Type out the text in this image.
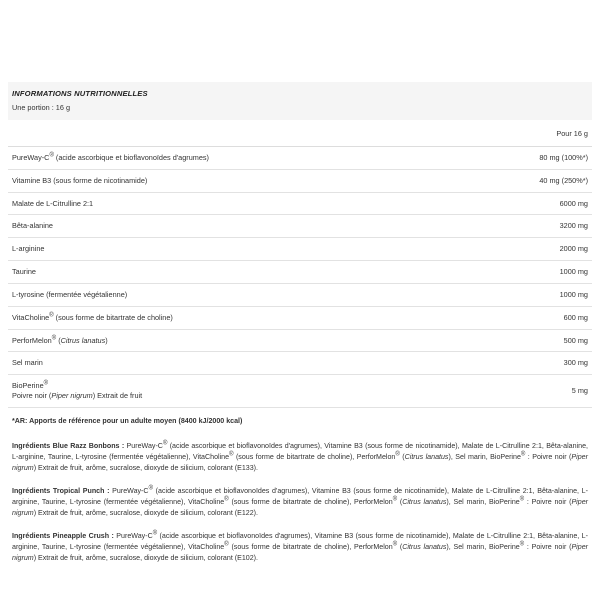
INFORMATIONS NUTRITIONNELLES
Une portion : 16 g
	Pour 16 g
PureWay-C® (acide ascorbique et bioflavonoïdes d'agrumes)	80 mg (100%*)
Vitamine B3 (sous forme de nicotinamide)	40 mg (250%*)
Malate de L-Citrulline 2:1	6000 mg
Bêta-alanine	3200 mg
L-arginine	2000 mg
Taurine	1000 mg
L-tyrosine (fermentée végétalienne)	1000 mg
VitaCholine® (sous forme de bitartrate de choline)	600 mg
PerforMelon® (Citrus lanatus)	500 mg
Sel marin	300 mg
BioPerine®
Poivre noir (Piper nigrum) Extrait de fruit	5 mg
*AR: Apports de référence pour un adulte moyen (8400 kJ/2000 kcal)

Ingrédients Blue Razz Bonbons : PureWay-C® (acide ascorbique et bioflavonoïdes d'agrumes), Vitamine B3 (sous forme de nicotinamide), Malate de L-Citrulline 2:1, Bêta-alanine, L-arginine, Taurine, L-tyrosine (fermentée végétalienne), VitaCholine® (sous forme de bitartrate de choline), PerforMelon® (Citrus lanatus), Sel marin, BioPerine® : Poivre noir (Piper nigrum) Extrait de fruit, arôme, sucralose, dioxyde de silicium, colorant (E133).

Ingrédients Tropical Punch : PureWay-C® (acide ascorbique et bioflavonoïdes d'agrumes), Vitamine B3 (sous forme de nicotinamide), Malate de L-Citrulline 2:1, Bêta-alanine, L-arginine, Taurine, L-tyrosine (fermentée végétalienne), VitaCholine® (sous forme de bitartrate de choline), PerforMelon® (Citrus lanatus), Sel marin, BioPerine® : Poivre noir (Piper nigrum) Extrait de fruit, arôme, sucralose, dioxyde de silicium, colorant (E122).

Ingrédients Pineapple Crush : PureWay-C® (acide ascorbique et bioflavonoïdes d'agrumes), Vitamine B3 (sous forme de nicotinamide), Malate de L-Citrulline 2:1, Bêta-alanine, L-arginine, Taurine, L-tyrosine (fermentée végétalienne), VitaCholine® (sous forme de bitartrate de choline), PerforMelon® (Citrus lanatus), Sel marin, BioPerine® : Poivre noir (Piper nigrum) Extrait de fruit, arôme, sucralose, dioxyde de silicium, colorant (E102).
